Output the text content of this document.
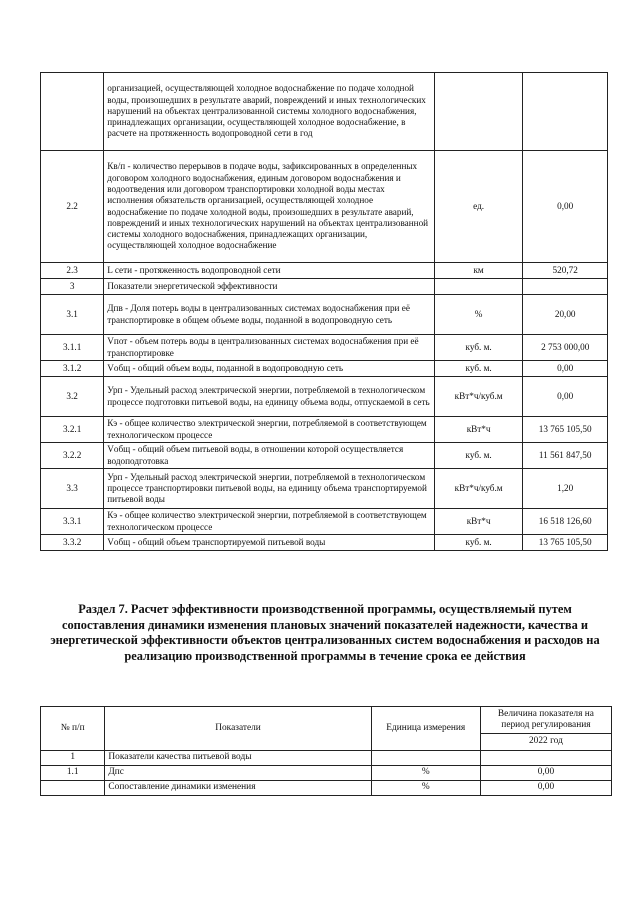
	организацией, осуществляющей холодное водоснабжение по подаче холодной воды, произошедших в результате аварий, повреждений и иных технологических нарушений на объектах централизованной системы холодного водоснабжения, принадлежащих организации, осуществляющей холодное водоснабжение, в расчете на протяженность водопроводной сети в год		
2.2	Кв/п - количество перерывов в подаче воды, зафиксированных в определенных договором холодного водоснабжения, единым договором водоснабжения и водоотведения или договором транспортировки холодной воды местах исполнения обязательств организацией, осуществляющей холодное водоснабжение по подаче холодной воды, произошедших в результате аварий, повреждений и иных технологических нарушений на объектах централизованной системы холодного водоснабжения, принадлежащих организации, осуществляющей холодное водоснабжение	ед.	0,00
2.3	L сети - протяженность водопроводной сети	км	520,72
3	Показатели энергетической эффективности		
3.1	Дпв - Доля потерь воды в централизованных системах водоснабжения при её транспортировке в общем объеме воды, поданной в водопроводную сеть	%	20,00
3.1.1	Vпот - объем потерь воды в централизованных системах водоснабжения при её транспортировке	куб. м.	2 753 000,00
3.1.2	Vобщ - общий объем воды, поданной в водопроводную сеть	куб. м.	0,00
3.2	Урп - Удельный расход электрической энергии, потребляемой в технологическом процессе подготовки питьевой воды, на единицу объема воды, отпускаемой в сеть	кВт*ч/куб.м	0,00
3.2.1	Кэ - общее количество электрической энергии, потребляемой в соответствующем технологическом процессе	кВт*ч	13 765 105,50
3.2.2	Vобщ - общий объем питьевой воды, в отношении которой осуществляется водоподготовка	куб. м.	11 561 847,50
3.3	Урп - Удельный расход электрической энергии, потребляемой в технологическом процессе транспортировки питьевой воды, на единицу объема транспортируемой питьевой воды	кВт*ч/куб.м	1,20
3.3.1	Кэ - общее количество электрической энергии, потребляемой в соответствующем технологическом процессе	кВт*ч	16 518 126,60
3.3.2	Vобщ - общий объем транспортируемой питьевой воды	куб. м.	13 765 105,50
Раздел 7. Расчет эффективности производственной программы, осуществляемый путем сопоставления динамики изменения плановых значений показателей надежности, качества и энергетической эффективности объектов централизованных систем водоснабжения и расходов на реализацию производственной программы в течение срока ее действия
№ п/п	Показатели	Единица измерения	Величина показателя на период регулирования
			2022 год
1	Показатели качества питьевой воды		
1.1	Дпс	%	0,00
	Сопоставление динамики изменения	%	0,00
